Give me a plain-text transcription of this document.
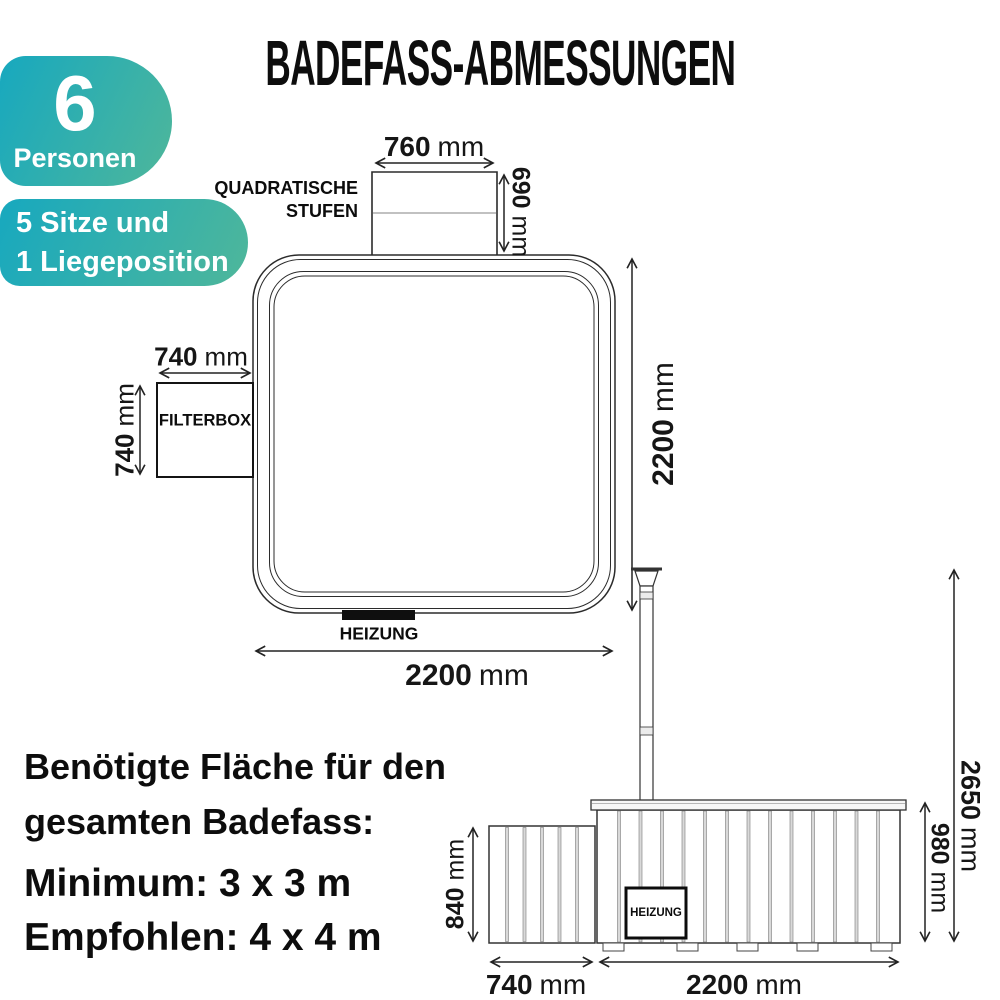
BADEFASS-ABMESSUNGEN
6
Personen
5 Sitze und
1 Liegeposition
QUADRATISCHE
STUFEN
760 mm
690mm
740 mm
740mm FILTERBOX
HEIZUNG
2200mm
2200 mm
840mm
2650mm
980mm
740 mm	2200 mm
HEIZUNG
Benötigte Fläche für den
gesamten Badefass:
Minimum: 3 x 3 m
Empfohlen: 4 x 4 m
